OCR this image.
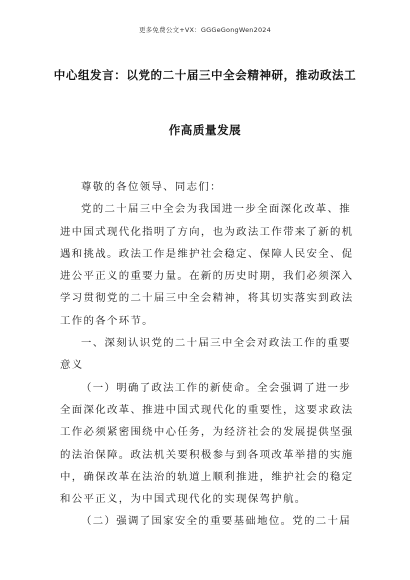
更多免费公文+VX：GGGeGongWen2024
中心组发言：以党的二十届三中全会精神研，推动政法工
作高质量发展
尊敬的各位领导、同志们：
党的二十届三中全会为我国进一步全面深化改革、推
进中国式现代化指明了方向，也为政法工作带来了新的机
遇和挑战。政法工作是维护社会稳定、保障人民安全、促
进公平正义的重要力量。在新的历史时期，我们必须深入
学习贯彻党的二十届三中全会精神，将其切实落实到政法
工作的各个环节。
一、深刻认识党的二十届三中全会对政法工作的重要
意义
（一）明确了政法工作的新使命。全会强调了进一步
全面深化改革、推进中国式现代化的重要性，这要求政法
工作必须紧密围绕中心任务，为经济社会的发展提供坚强
的法治保障。政法机关要积极参与到各项改革举措的实施
中，确保改革在法治的轨道上顺利推进，维护社会的稳定
和公平正义，为中国式现代化的实现保驾护航。
（二）强调了国家安全的重要基础地位。党的二十届
